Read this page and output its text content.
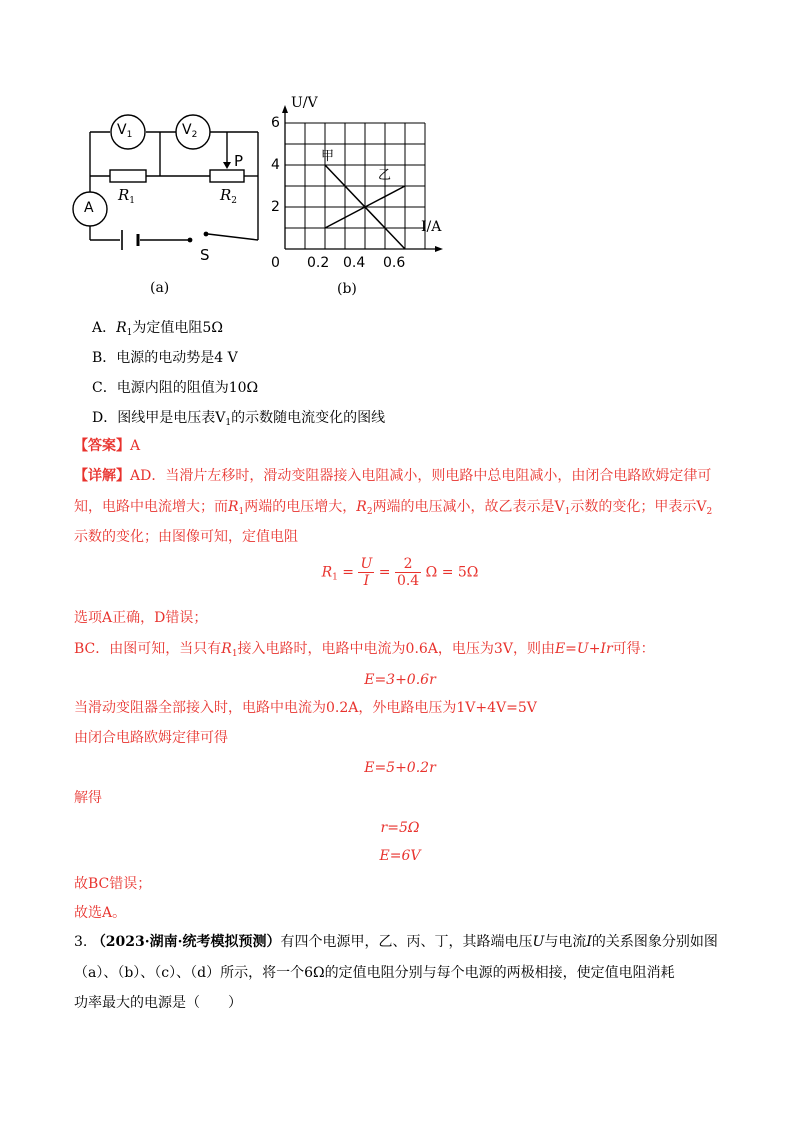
$V_1$	$V_2$
A
$R_1$	$R_2$
P
S
(a)
U/V
I/A
0
2
4
6
0.2 0.4 0.6
甲
乙
(b)
A．$R_1$为定值电阻5Ω
B．电源的电动势是4 V
C．电源内阻的阻值为10Ω
D．图线甲是电压表$V_1$的示数随电流变化的图线
【答案】A
【详解】AD．当滑片左移时，滑动变阻器接入电阻减小，则电路中总电阻减小，由闭合电路欧姆定律可
知，电路中电流增大；而$R_1$两端的电压增大，$R_2$两端的电压减小，故乙表示是$V_1$示数的变化；甲表示$V_2$
示数的变化；由图像可知，定值电阻
$R_1 = \frac{U}{I} = \frac{2}{0.4}$ Ω = 5Ω
选项A正确，D错误；
BC．由图可知，当只有$R_1$接入电路时，电路中电流为0.6A，电压为3V，则由E=U+Ir可得：
E=3+0.6r
当滑动变阻器全部接入时，电路中电流为0.2A，外电路电压为1V+4V=5V
由闭合电路欧姆定律可得
E=5+0.2r
解得
r=5Ω
E=6V
故BC错误；
故选A。
3. （2023·湖南·统考模拟预测）有四个电源甲，乙、丙、丁，其路端电压U与电流I的关系图象分别如图
（a）、（b）、（c）、（d）所示，将一个6Ω的定值电阻分别与每个电源的两极相接，使定值电阻消耗
功率最大的电源是（　　）
